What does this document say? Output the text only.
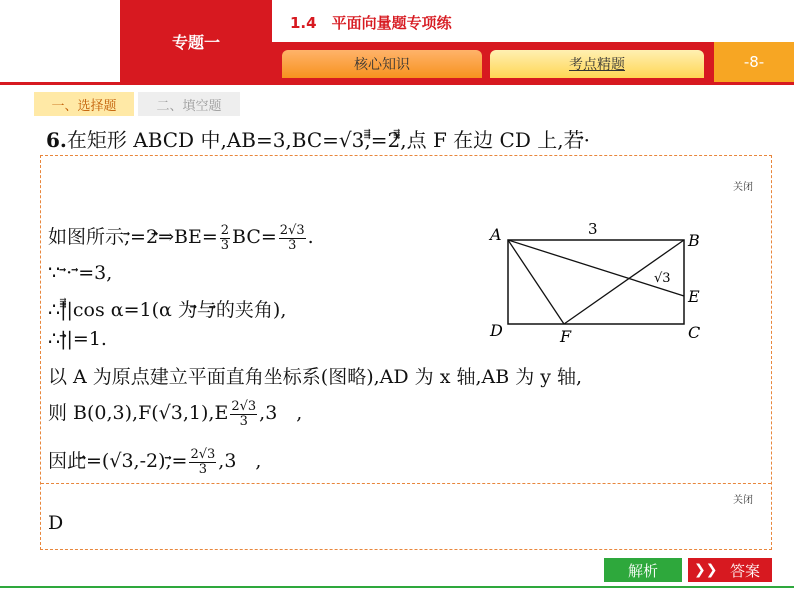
专题一
1.4　平面向量题专项练
核心知识	考点精题	-8-
一、选择题	二、填空题
6.在矩形 ABCD 中,AB=3,BC=√3,=2,点 F 在边 CD 上,若·
关闭
如图所示,=2⇒BE= $\frac{2}{3} BC= \frac{2√3}{3}$ .
∵ · =3,
∴||cos α=1(α 为与的夹角),
∴||=1.
以 A 为原点建立平面直角坐标系(图略),AD 为 x 轴,AB 为 y 轴,
则 $B(0,3),F(√3,1),E \frac{2√3}{3} ,3$　,
因此$=(√3,-2),= \frac{2√3}{3} ,3$　,
A	B
C
D
E
F
3
√3
关闭
D
解析	❯❯ 答案
